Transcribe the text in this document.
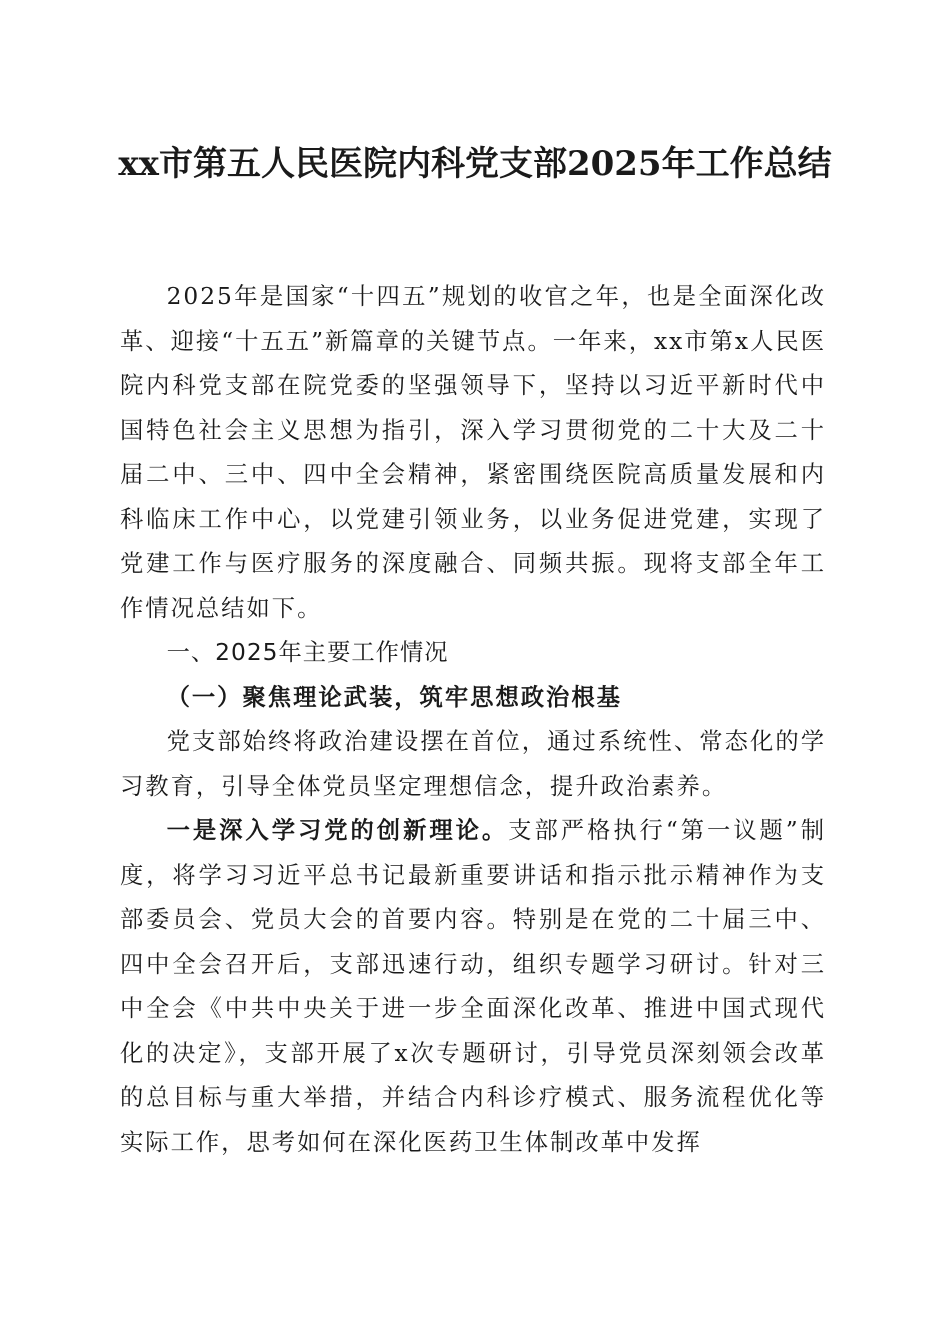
xx市第五人民医院内科党支部2025年工作总结

2025年是国家“十四五”规划的收官之年，也是全面深化改革、迎接“十五五”新篇章的关键节点。一年来，xx市第x人民医院内科党支部在院党委的坚强领导下，坚持以习近平新时代中国特色社会主义思想为指引，深入学习贯彻党的二十大及二十届二中、三中、四中全会精神，紧密围绕医院高质量发展和内科临床工作中心，以党建引领业务，以业务促进党建，实现了党建工作与医疗服务的深度融合、同频共振。现将支部全年工作情况总结如下。

一、2025年主要工作情况

（一）聚焦理论武装，筑牢思想政治根基

党支部始终将政治建设摆在首位，通过系统性、常态化的学习教育，引导全体党员坚定理想信念，提升政治素养。

一是深入学习党的创新理论。支部严格执行“第一议题”制度，将学习习近平总书记最新重要讲话和指示批示精神作为支部委员会、党员大会的首要内容。特别是在党的二十届三中、四中全会召开后，支部迅速行动，组织专题学习研讨。针对三中全会《中共中央关于进一步全面深化改革、推进中国式现代化的决定》，支部开展了x次专题研讨，引导党员深刻领会改革的总目标与重大举措，并结合内科诊疗模式、服务流程优化等实际工作，思考如何在深化医药卫生体制改革中发挥
